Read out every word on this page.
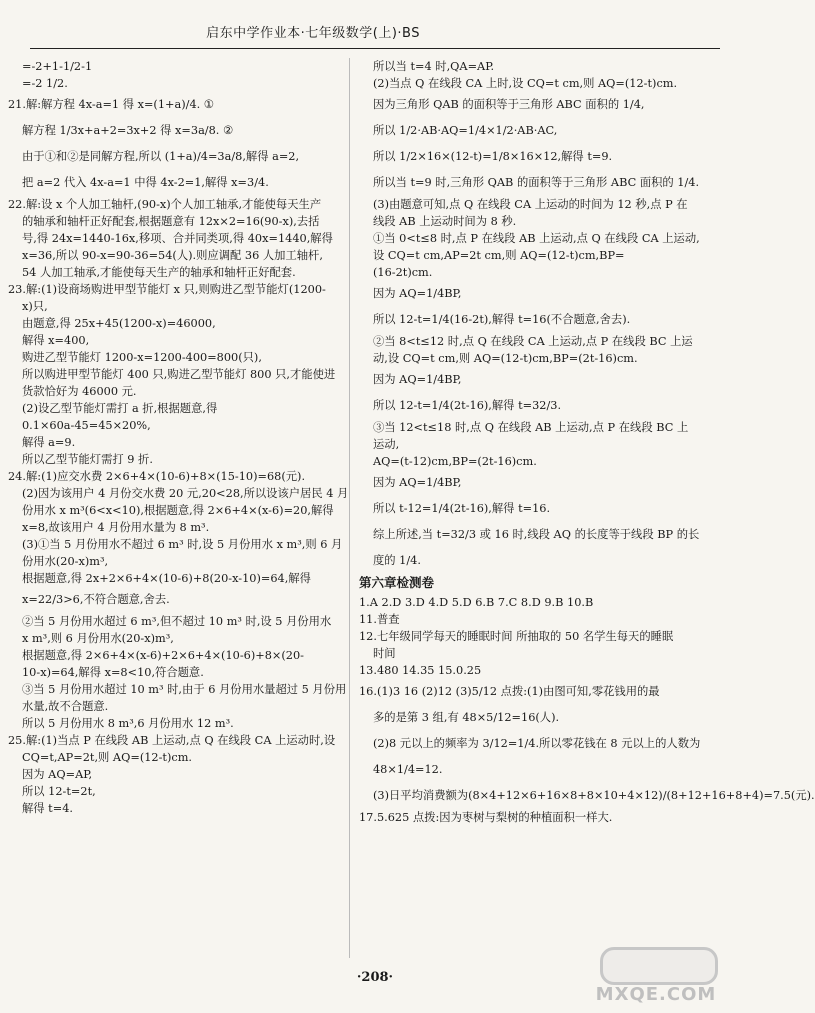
启东中学作业本·七年级数学(上)·BS
=-2+1-1/2-1
=-2 1/2.
21.解:解方程 4x-a=1 得 x=(1+a)/4. ①
解方程 1/3x+a+2=3x+2 得 x=3a/8. ②
由于①和②是同解方程,所以 (1+a)/4=3a/8,解得 a=2,
把 a=2 代入 4x-a=1 中得 4x-2=1,解得 x=3/4.
22.解:设 x 个人加工轴杆,(90-x)个人加工轴承,才能使每天生产
的轴承和轴杆正好配套,根据题意有 12x×2=16(90-x),去括
号,得 24x=1440-16x,移项、合并同类项,得 40x=1440,解得
x=36,所以 90-x=90-36=54(人).则应调配 36 人加工轴杆,
54 人加工轴承,才能使每天生产的轴承和轴杆正好配套.
23.解:(1)设商场购进甲型节能灯 x 只,则购进乙型节能灯(1200-
x)只,
由题意,得 25x+45(1200-x)=46000,
解得 x=400,
购进乙型节能灯 1200-x=1200-400=800(只),
所以购进甲型节能灯 400 只,购进乙型节能灯 800 只,才能使进
货款恰好为 46000 元.
(2)设乙型节能灯需打 a 折,根据题意,得
0.1×60a-45=45×20%,
解得 a=9.
所以乙型节能灯需打 9 折.
24.解:(1)应交水费 2×6+4×(10-6)+8×(15-10)=68(元).
(2)因为该用户 4 月份交水费 20 元,20<28,所以设该户居民 4 月
份用水 x m³(6<x<10),根据题意,得 2×6+4×(x-6)=20,解得
x=8,故该用户 4 月份用水量为 8 m³.
(3)①当 5 月份用水不超过 6 m³ 时,设 5 月份用水 x m³,则 6 月
份用水(20-x)m³,
根据题意,得 2x+2×6+4×(10-6)+8(20-x-10)=64,解得
x=22/3>6,不符合题意,舍去.
②当 5 月份用水超过 6 m³,但不超过 10 m³ 时,设 5 月份用水
x m³,则 6 月份用水(20-x)m³,
根据题意,得 2×6+4×(x-6)+2×6+4×(10-6)+8×(20-
10-x)=64,解得 x=8<10,符合题意.
③当 5 月份用水超过 10 m³ 时,由于 6 月份用水量超过 5 月份用
水量,故不合题意.
所以 5 月份用水 8 m³,6 月份用水 12 m³.
25.解:(1)当点 P 在线段 AB 上运动,点 Q 在线段 CA 上运动时,设
CQ=t,AP=2t,则 AQ=(12-t)cm.
因为 AQ=AP,
所以 12-t=2t,
解得 t=4.
所以当 t=4 时,QA=AP.
(2)当点 Q 在线段 CA 上时,设 CQ=t cm,则 AQ=(12-t)cm.
因为三角形 QAB 的面积等于三角形 ABC 面积的 1/4,
所以 1/2·AB·AQ=1/4×1/2·AB·AC,
所以 1/2×16×(12-t)=1/8×16×12,解得 t=9.
所以当 t=9 时,三角形 QAB 的面积等于三角形 ABC 面积的 1/4.
(3)由题意可知,点 Q 在线段 CA 上运动的时间为 12 秒,点 P 在
线段 AB 上运动时间为 8 秒.
①当 0<t≤8 时,点 P 在线段 AB 上运动,点 Q 在线段 CA 上运动,
设 CQ=t cm,AP=2t cm,则 AQ=(12-t)cm,BP=
(16-2t)cm.
因为 AQ=1/4BP,
所以 12-t=1/4(16-2t),解得 t=16(不合题意,舍去).
②当 8<t≤12 时,点 Q 在线段 CA 上运动,点 P 在线段 BC 上运
动,设 CQ=t cm,则 AQ=(12-t)cm,BP=(2t-16)cm.
因为 AQ=1/4BP,
所以 12-t=1/4(2t-16),解得 t=32/3.
③当 12<t≤18 时,点 Q 在线段 AB 上运动,点 P 在线段 BC 上
运动,
AQ=(t-12)cm,BP=(2t-16)cm.
因为 AQ=1/4BP,
所以 t-12=1/4(2t-16),解得 t=16.
综上所述,当 t=32/3 或 16 时,线段 AQ 的长度等于线段 BP 的长
度的 1/4.
第六章检测卷
1.A 2.D 3.D 4.D 5.D 6.B 7.C 8.D 9.B 10.B
11.普查
12.七年级同学每天的睡眠时间 所抽取的 50 名学生每天的睡眠
时间
13.480 14.35 15.0.25
16.(1)3 16 (2)12 (3)5/12 点拨:(1)由图可知,零花钱用的最
多的是第 3 组,有 48×5/12=16(人).
(2)8 元以上的频率为 3/12=1/4.所以零花钱在 8 元以上的人数为
48×1/4=12.
(3)日平均消费额为(8×4+12×6+16×8+8×10+4×12)/(8+12+16+8+4)=7.5(元).
17.5.625 点拨:因为枣树与梨树的种植面积一样大.
·208·
MXQE.COM
